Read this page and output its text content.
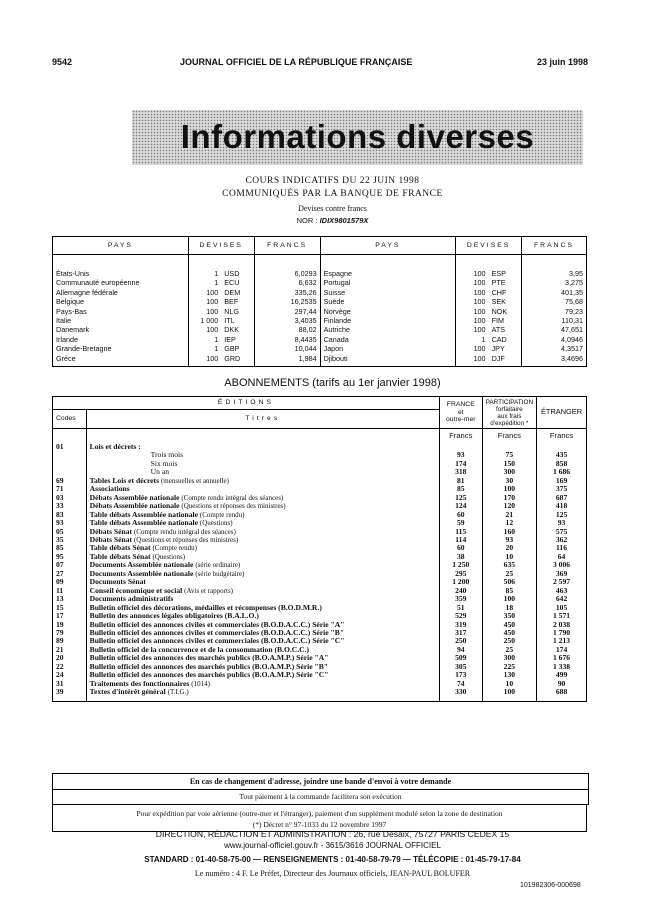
9542	JOURNAL OFFICIEL DE LA RÉPUBLIQUE FRANÇAISE	23 juin 1998
Informations diverses
COURS INDICATIFS DU 22 JUIN 1998
COMMUNIQUÉS PAR LA BANQUE DE FRANCE
Devises contre francs
NOR : IDIX9801579X
PAYS	DEVISES		FRANCS	PAYS	DEVISES		FRANCS

États-Unis	1	USD	6,0293	Espagne	100	ESP	3,95
Communauté européenne	1	ECU	6,632	Portugal	100	PTE	3,275
Allemagne fédérale	100	DEM	335,26	Suisse	100	CHF	401,35
Belgique	100	BEF	16,2535	Suède	100	SEK	75,68
Pays-Bas	100	NLG	297,44	Norvège	100	NOK	79,23
Italie	1 000	ITL	3,4035	Finlande	100	FIM	110,31
Danemark	100	DKK	88,02	Autriche	100	ATS	47,651
Irlande	1	IEP	8,4435	Canada	1	CAD	4,0946
Grande-Bretagne	1	GBP	10,044	Japon	100	JPY	4,3517
Grèce	100	GRD	1,984	Djibouti	100	DJF	3,4696

ABONNEMENTS (tarifs au 1er janvier 1998)
ÉDITIONS		FRANCE
et
outre-mer	PARTICIPATION
forfaitaire
aux frais
d'expédition *	ÉTRANGER
Codes	Titres			
		Francs	Francs	Francs
01	Lois et décrets :			
	Trois mois	93	75	435
	Six mois	174	150	858
	Un an	318	300	1 686
69	Tables Lois et décrets (mensuelles et annuelle)	81	30	169
71	Associations	85	100	375
03	Débats Assemblée nationale (Compte rendu intégral des séances)	125	170	687
33	Débats Assemblée nationale (Questions et réponses des ministres)	124	120	418
83	Table débats Assemblée nationale (Compte rendu)	60	21	125
93	Table débats Assemblée nationale (Questions)	59	12	93
05	Débats Sénat (Compte rendu intégral des séances)	115	160	575
35	Débats Sénat (Questions et réponses des ministres)	114	93	362
85	Table débats Sénat (Compte rendu)	60	20	116
95	Table débats Sénat (Questions)	38	10	64
07	Documents Assemblée nationale (série ordinaire)	1 250	635	3 006
27	Documents Assemblée nationale (série budgétaire)	295	25	369
09	Documents Sénat	1 200	506	2 597
11	Conseil économique et social (Avis et rapports)	240	85	463
13	Documents administratifs	359	100	642
15	Bulletin officiel des décorations, médailles et récompenses (B.O.D.M.R.)	51	18	105
17	Bulletin des annonces légales obligatoires (B.A.L.O.)	529	350	1 571
19	Bulletin officiel des annonces civiles et commerciales (B.O.D.A.C.C.) Série "A"	319	450	2 038
79	Bulletin officiel des annonces civiles et commerciales (B.O.D.A.C.C.) Série "B"	317	450	1 790
89	Bulletin officiel des annonces civiles et commerciales (B.O.D.A.C.C.) Série "C"	250	250	1 213
21	Bulletin officiel de la concurrence et de la consommation (B.O.C.C.)	94	25	174
20	Bulletin officiel des annonces des marchés publics (B.O.A.M.P.) Série "A"	509	300	1 676
22	Bulletin officiel des annonces des marchés publics (B.O.A.M.P.) Série "B"	305	225	1 338
24	Bulletin officiel des annonces des marchés publics (B.O.A.M.P.) Série "C"	173	130	499
31	Traitements des fonctionnaires (1014)	74	10	90
39	Textes d'intérêt général (T.I.G.)	330	100	688

En cas de changement d'adresse, joindre une bande d'envoi à votre demande
Tout paiement à la commande facilitera son exécution
Pour expédition par voie aérienne (outre-mer et l'étranger), paiement d'un supplément modulé selon la zone de destination
(*) Décret n° 97-1033 du 12 novembre 1997
DIRECTION, RÉDACTION ET ADMINISTRATION : 26, rue Desaix, 75727 PARIS CEDEX 15
www.journal-officiel.gouv.fr - 3615/3616 JOURNAL OFFICIEL
STANDARD : 01-40-58-75-00 — RENSEIGNEMENTS : 01-40-58-79-79 — TÉLÉCOPIE : 01-45-79-17-84
Le numéro : 4 F. Le Préfet, Directeur des Journaux officiels, JEAN-PAUL BOLUFER
101982306-000698
